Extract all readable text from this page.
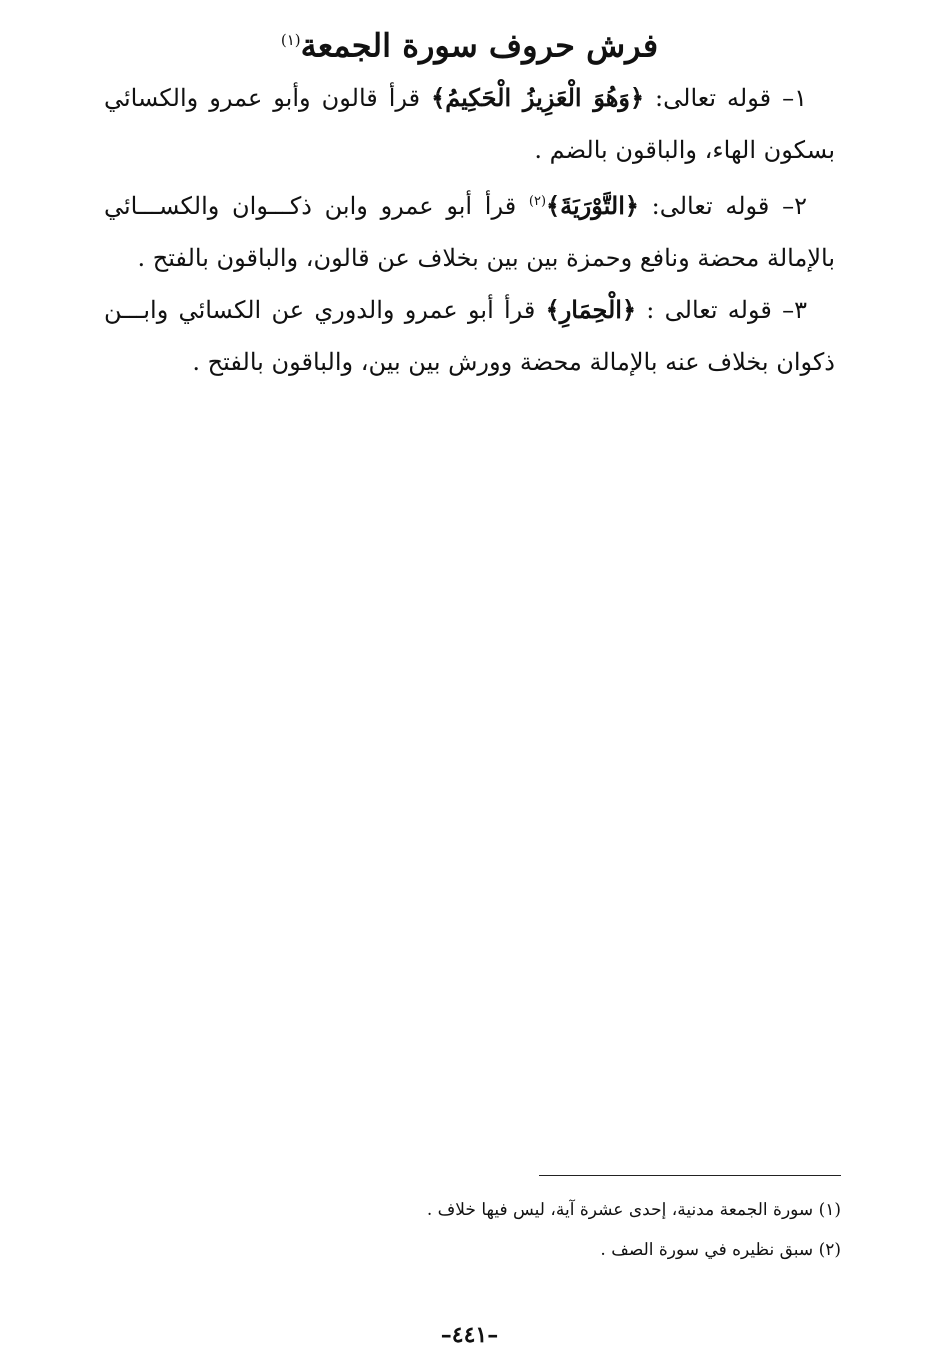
فرش حروف سورة الجمعة$^{(١)}$

١– قوله تعالى: ﴿وَهُوَ الْعَزِيزُ الْحَكِيمُ﴾ قرأ قالون وأبو عمرو والكسائي بسكون الهاء، والباقون بالضم .

٢– قوله تعالى: ﴿التَّوْرَيَةَ﴾$^{(٢)}$ قرأ أبو عمرو وابن ذكـــوان والكســـائي بالإمالة محضة ونافع وحمزة بين بين بخلاف عن قالون، والباقون بالفتح .

٣– قوله تعالى : ﴿الْحِمَارِ﴾ قرأ أبو عمرو والدوري عن الكسائي وابـــن ذكوان بخلاف عنه بالإمالة محضة وورش بين بين، والباقون بالفتح .

(١) سورة الجمعة مدنية، إحدى عشرة آية، ليس فيها خلاف .

(٢) سبق نظيره في سورة الصف .

–٤٤١–
